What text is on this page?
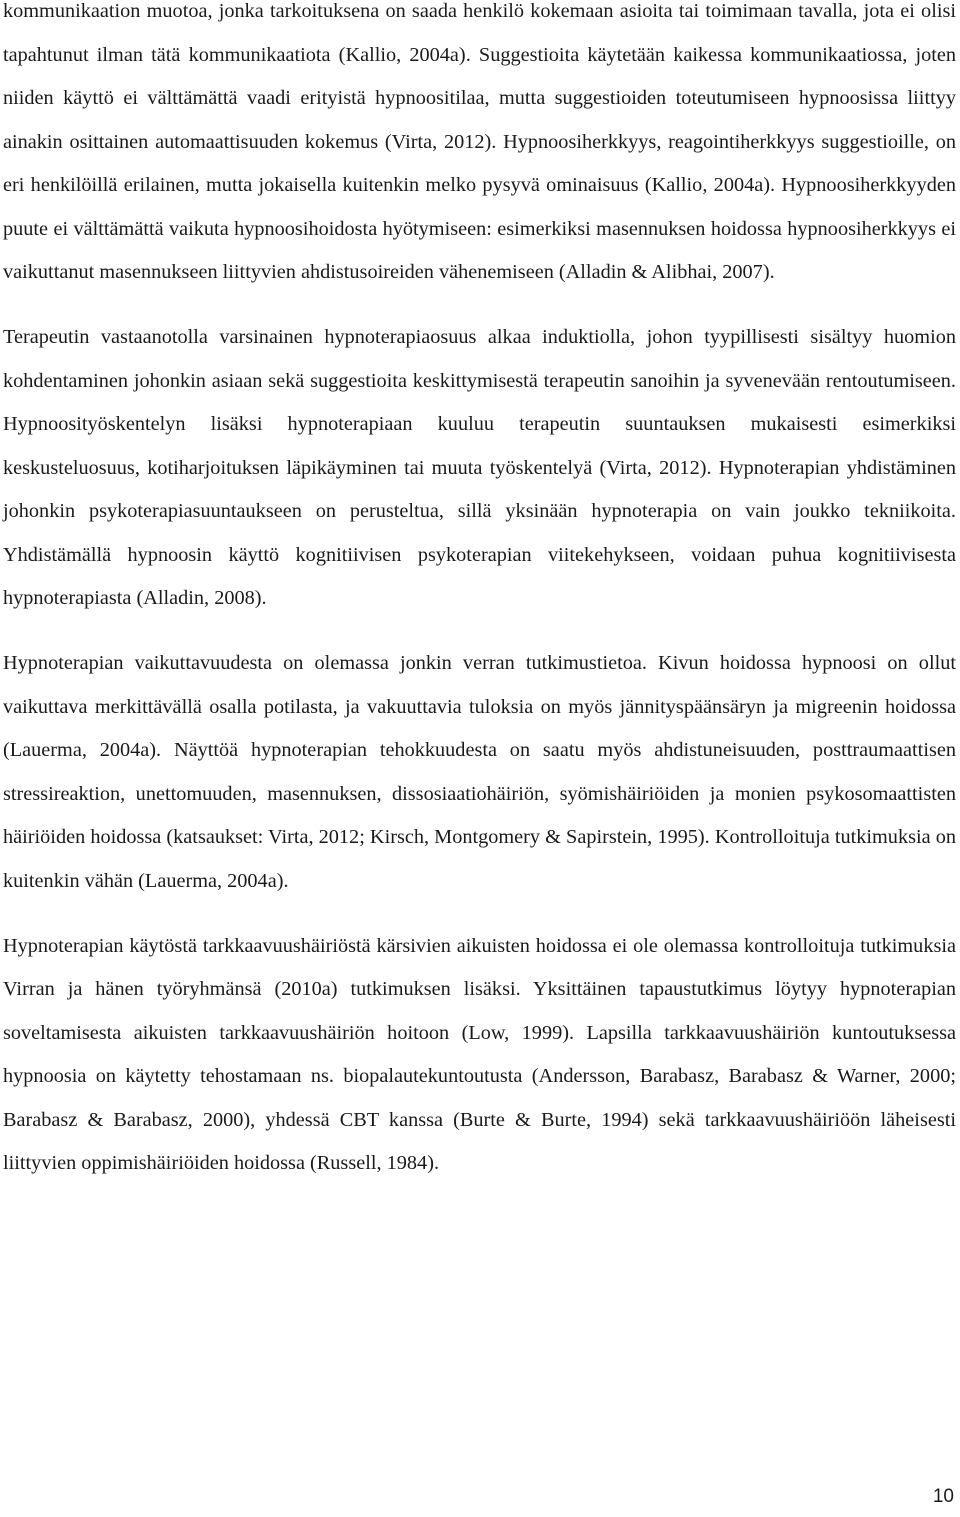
kommunikaation muotoa, jonka tarkoituksena on saada henkilö kokemaan asioita tai toimimaan tavalla, jota ei olisi tapahtunut ilman tätä kommunikaatiota (Kallio, 2004a). Suggestioita käytetään kaikessa kommunikaatiossa, joten niiden käyttö ei välttämättä vaadi erityistä hypnoositilaa, mutta suggestioiden toteutumiseen hypnoosissa liittyy ainakin osittainen automaattisuuden kokemus (Virta, 2012). Hypnoosiherkkyys, reagointiherkkyys suggestioille, on eri henkilöillä erilainen, mutta jokaisella kuitenkin melko pysyvä ominaisuus (Kallio, 2004a). Hypnoosiherkkyyden puute ei välttämättä vaikuta hypnoosihoidosta hyötymiseen: esimerkiksi masennuksen hoidossa hypnoosiherkkyys ei vaikuttanut masennukseen liittyvien ahdistusoireiden vähenemiseen (Alladin & Alibhai, 2007).

Terapeutin vastaanotolla varsinainen hypnoterapiaosuus alkaa induktiolla, johon tyypillisesti sisältyy huomion kohdentaminen johonkin asiaan sekä suggestioita keskittymisestä terapeutin sanoihin ja syvenevään rentoutumiseen. Hypnoosityöskentelyn lisäksi hypnoterapiaan kuuluu terapeutin suuntauksen mukaisesti esimerkiksi keskusteluosuus, kotiharjoituksen läpikäyminen tai muuta työskentelyä (Virta, 2012). Hypnoterapian yhdistäminen johonkin psykoterapiasuuntaukseen on perusteltua, sillä yksinään hypnoterapia on vain joukko tekniikoita. Yhdistämällä hypnoosin käyttö kognitiivisen psykoterapian viitekehykseen, voidaan puhua kognitiivisesta hypnoterapiasta (Alladin, 2008).

Hypnoterapian vaikuttavuudesta on olemassa jonkin verran tutkimustietoa. Kivun hoidossa hypnoosi on ollut vaikuttava merkittävällä osalla potilasta, ja vakuuttavia tuloksia on myös jännityspäänsäryn ja migreenin hoidossa (Lauerma, 2004a). Näyttöä hypnoterapian tehokkuudesta on saatu myös ahdistuneisuuden, posttraumaattisen stressireaktion, unettomuuden, masennuksen, dissosiaatiohäiriön, syömishäiriöiden ja monien psykosomaattisten häiriöiden hoidossa (katsaukset: Virta, 2012; Kirsch, Montgomery & Sapirstein, 1995). Kontrolloituja tutkimuksia on kuitenkin vähän (Lauerma, 2004a).

Hypnoterapian käytöstä tarkkaavuushäiriöstä kärsivien aikuisten hoidossa ei ole olemassa kontrolloituja tutkimuksia Virran ja hänen työryhmänsä (2010a) tutkimuksen lisäksi. Yksittäinen tapaustutkimus löytyy hypnoterapian soveltamisesta aikuisten tarkkaavuushäiriön hoitoon (Low, 1999). Lapsilla tarkkaavuushäiriön kuntoutuksessa hypnoosia on käytetty tehostamaan ns. biopalautekuntoutusta (Andersson, Barabasz, Barabasz & Warner, 2000; Barabasz & Barabasz, 2000), yhdessä CBT kanssa (Burte & Burte, 1994) sekä tarkkaavuushäiriöön läheisesti liittyvien oppimishäiriöiden hoidossa (Russell, 1984).

10
